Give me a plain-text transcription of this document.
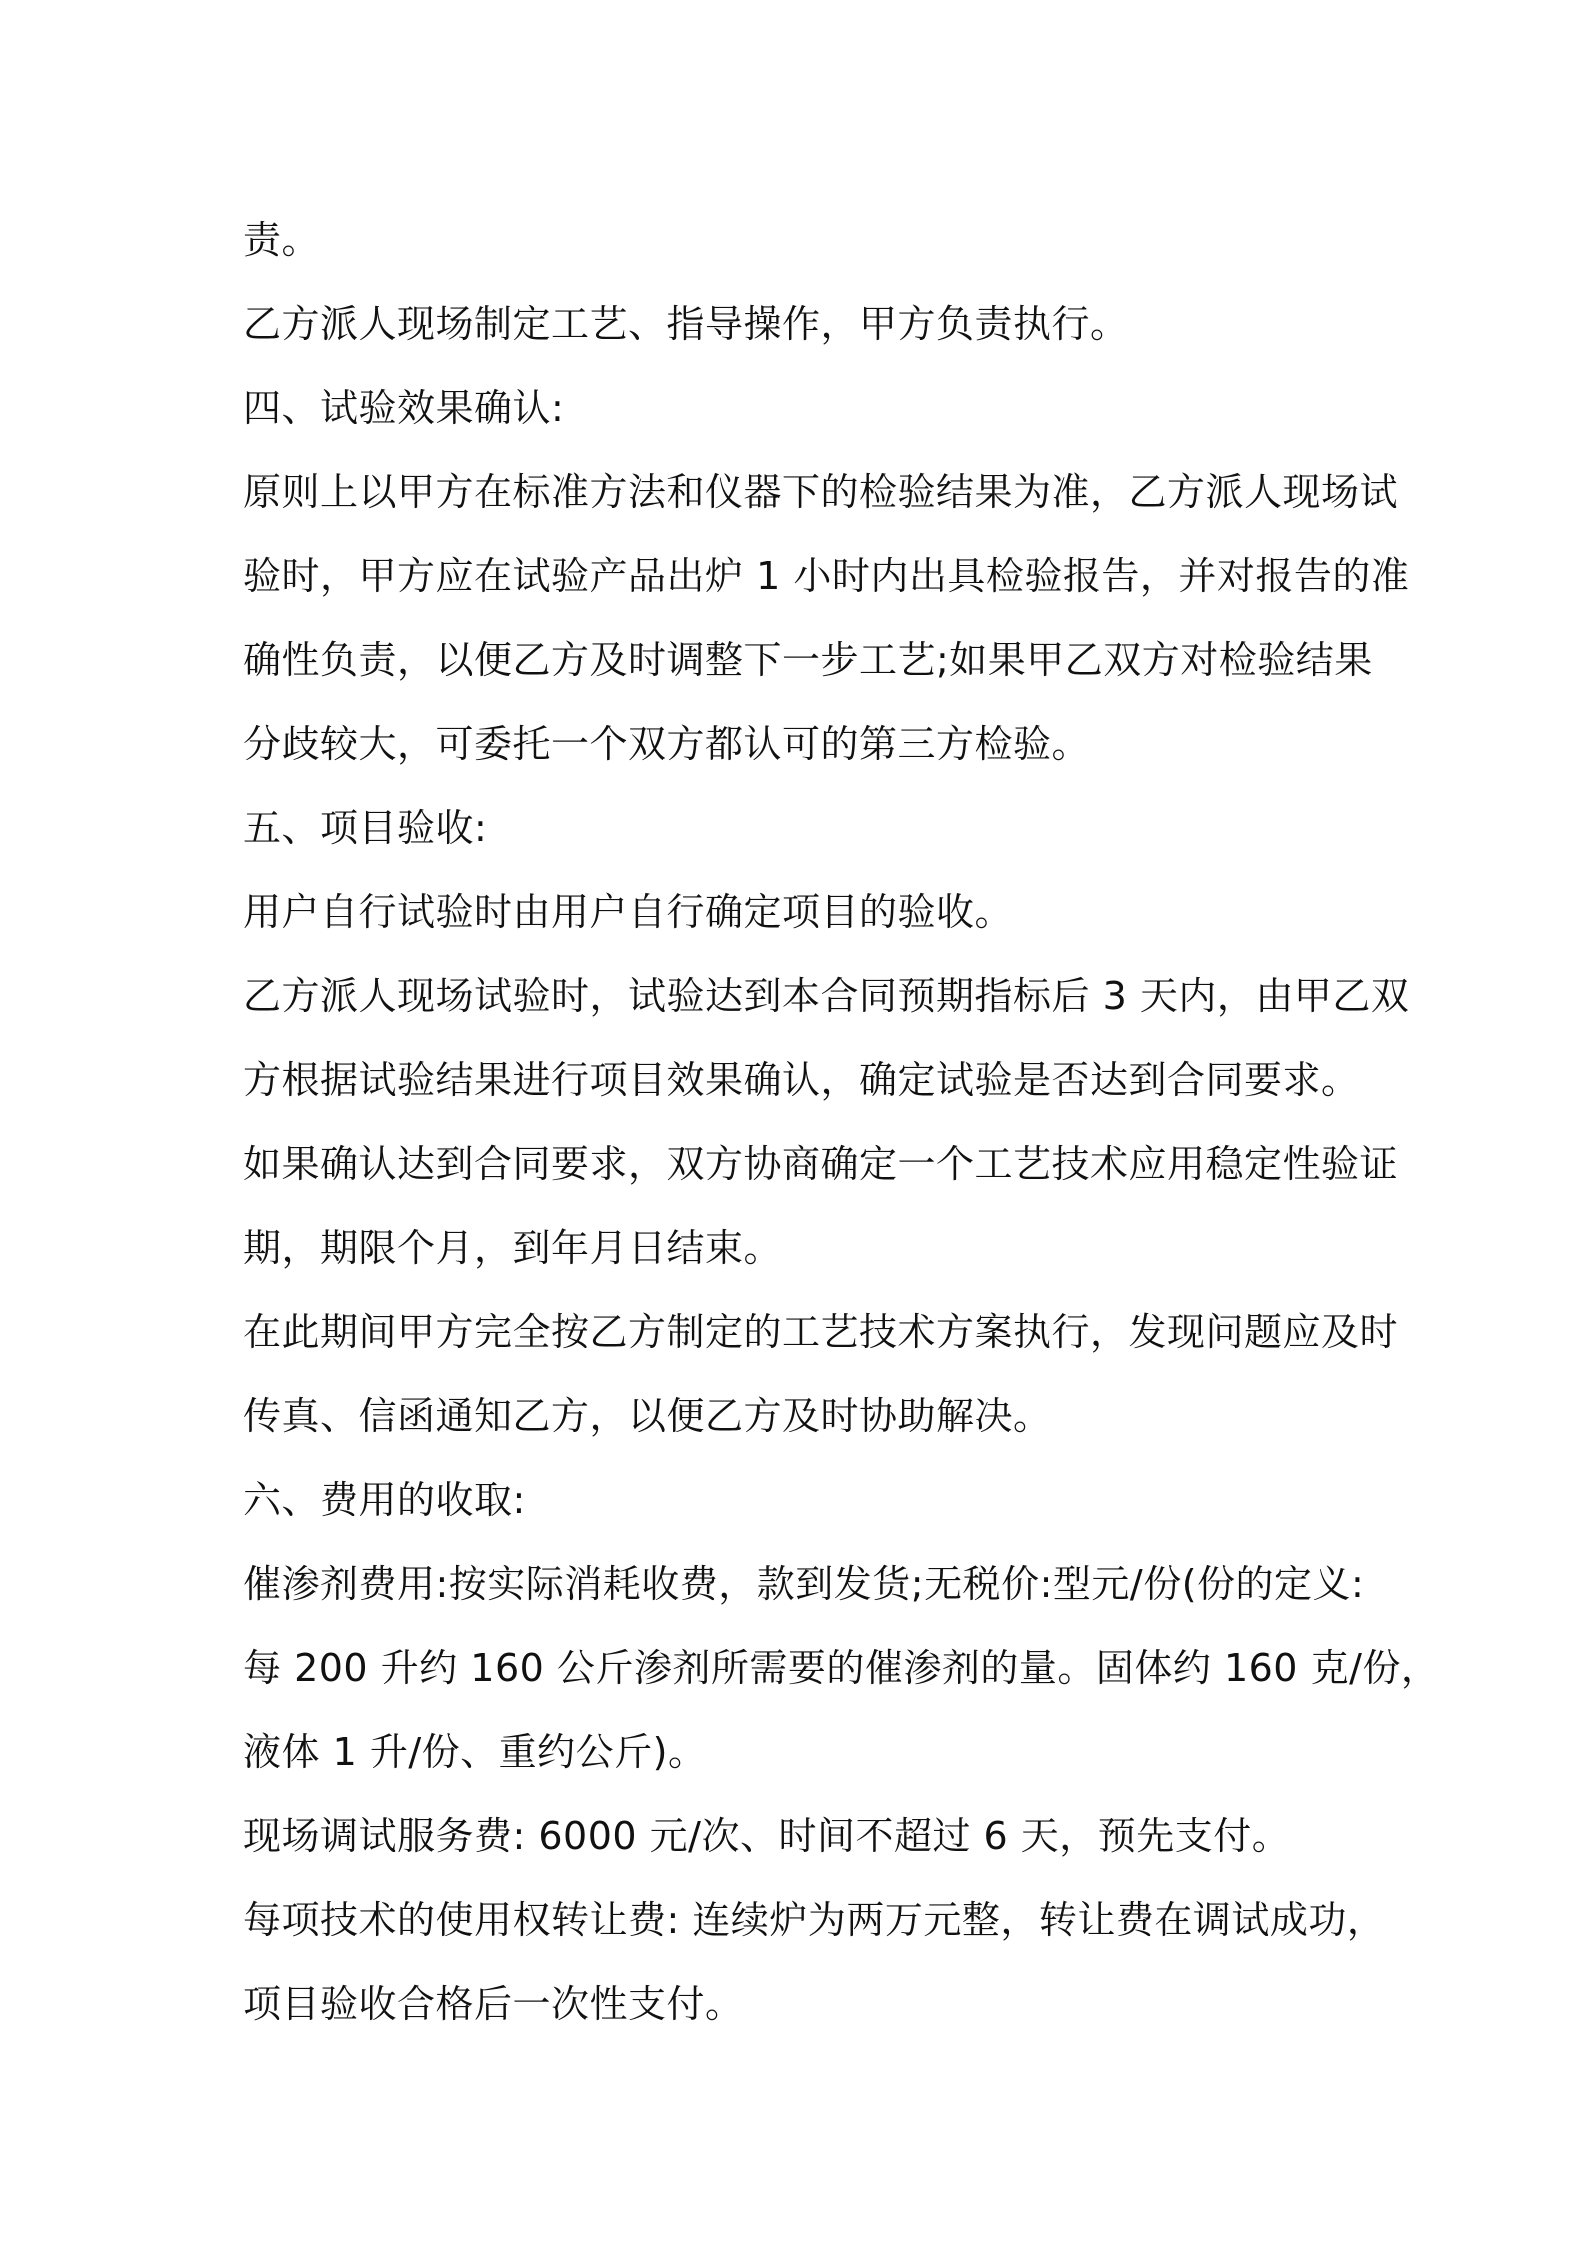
责。

乙方派人现场制定工艺、指导操作，甲方负责执行。

四、试验效果确认:

原则上以甲方在标准方法和仪器下的检验结果为准，乙方派人现场试

验时，甲方应在试验产品出炉 1 小时内出具检验报告，并对报告的准

确性负责，以便乙方及时调整下一步工艺;如果甲乙双方对检验结果

分歧较大，可委托一个双方都认可的第三方检验。

五、项目验收:

用户自行试验时由用户自行确定项目的验收。

乙方派人现场试验时，试验达到本合同预期指标后 3 天内，由甲乙双

方根据试验结果进行项目效果确认，确定试验是否达到合同要求。

如果确认达到合同要求，双方协商确定一个工艺技术应用稳定性验证

期，期限个月，到年月日结束。

在此期间甲方完全按乙方制定的工艺技术方案执行，发现问题应及时

传真、信函通知乙方，以便乙方及时协助解决。

六、费用的收取:

催渗剂费用:按实际消耗收费，款到发货;无税价:型元/份(份的定义:

每 200 升约 160 公斤渗剂所需要的催渗剂的量。固体约 160 克/份，

液体 1 升/份、重约公斤)。

现场调试服务费: 6000 元/次、时间不超过 6 天，预先支付。

每项技术的使用权转让费: 连续炉为两万元整，转让费在调试成功，

项目验收合格后一次性支付。
